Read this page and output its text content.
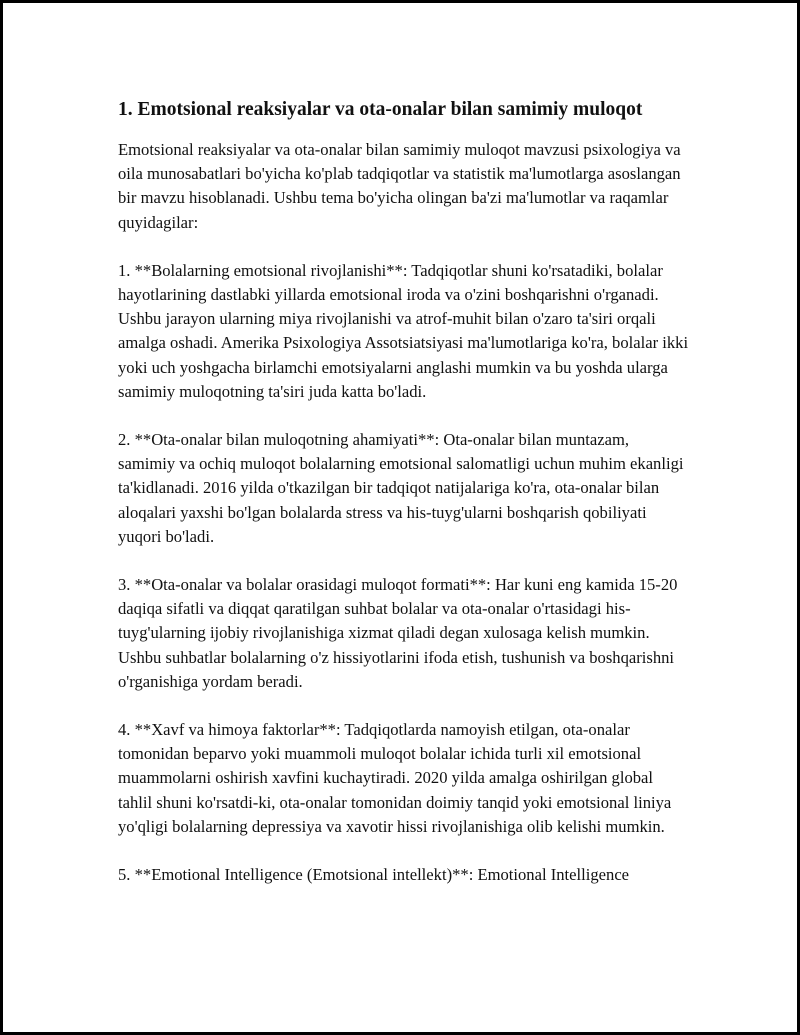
1. Emotsional reaksiyalar va ota-onalar bilan samimiy muloqot

Emotsional reaksiyalar va ota-onalar bilan samimiy muloqot mavzusi psixologiya va oila munosabatlari bo'yicha ko'plab tadqiqotlar va statistik ma'lumotlarga asoslangan bir mavzu hisoblanadi. Ushbu tema bo'yicha olingan ba'zi ma'lumotlar va raqamlar quyidagilar:

1. **Bolalarning emotsional rivojlanishi**: Tadqiqotlar shuni ko'rsatadiki, bolalar hayotlarining dastlabki yillarda emotsional iroda va o'zini boshqarishni o'rganadi. Ushbu jarayon ularning miya rivojlanishi va atrof-muhit bilan o'zaro ta'siri orqali amalga oshadi. Amerika Psixologiya Assotsiatsiyasi ma'lumotlariga ko'ra, bolalar ikki yoki uch yoshgacha birlamchi emotsiyalarni anglashi mumkin va bu yoshda ularga samimiy muloqotning ta'siri juda katta bo'ladi.

2. **Ota-onalar bilan muloqotning ahamiyati**: Ota-onalar bilan muntazam, samimiy va ochiq muloqot bolalarning emotsional salomatligi uchun muhim ekanligi ta'kidlanadi. 2016 yilda o'tkazilgan bir tadqiqot natijalariga ko'ra, ota-onalar bilan aloqalari yaxshi bo'lgan bolalarda stress va his-tuyg'ularni boshqarish qobiliyati yuqori bo'ladi.

3. **Ota-onalar va bolalar orasidagi muloqot formati**: Har kuni eng kamida 15-20 daqiqa sifatli va diqqat qaratilgan suhbat bolalar va ota-onalar o'rtasidagi his-tuyg'ularning ijobiy rivojlanishiga xizmat qiladi degan xulosaga kelish mumkin. Ushbu suhbatlar bolalarning o'z hissiyotlarini ifoda etish, tushunish va boshqarishni o'rganishiga yordam beradi.

4. **Xavf va himoya faktorlar**: Tadqiqotlarda namoyish etilgan, ota-onalar tomonidan beparvo yoki muammoli muloqot bolalar ichida turli xil emotsional muammolarni oshirish xavfini kuchaytiradi. 2020 yilda amalga oshirilgan global tahlil shuni ko'rsatdi-ki, ota-onalar tomonidan doimiy tanqid yoki emotsional liniya yo'qligi bolalarning depressiya va xavotir hissi rivojlanishiga olib kelishi mumkin.

5. **Emotional Intelligence (Emotsional intellekt)**: Emotional Intelligence
